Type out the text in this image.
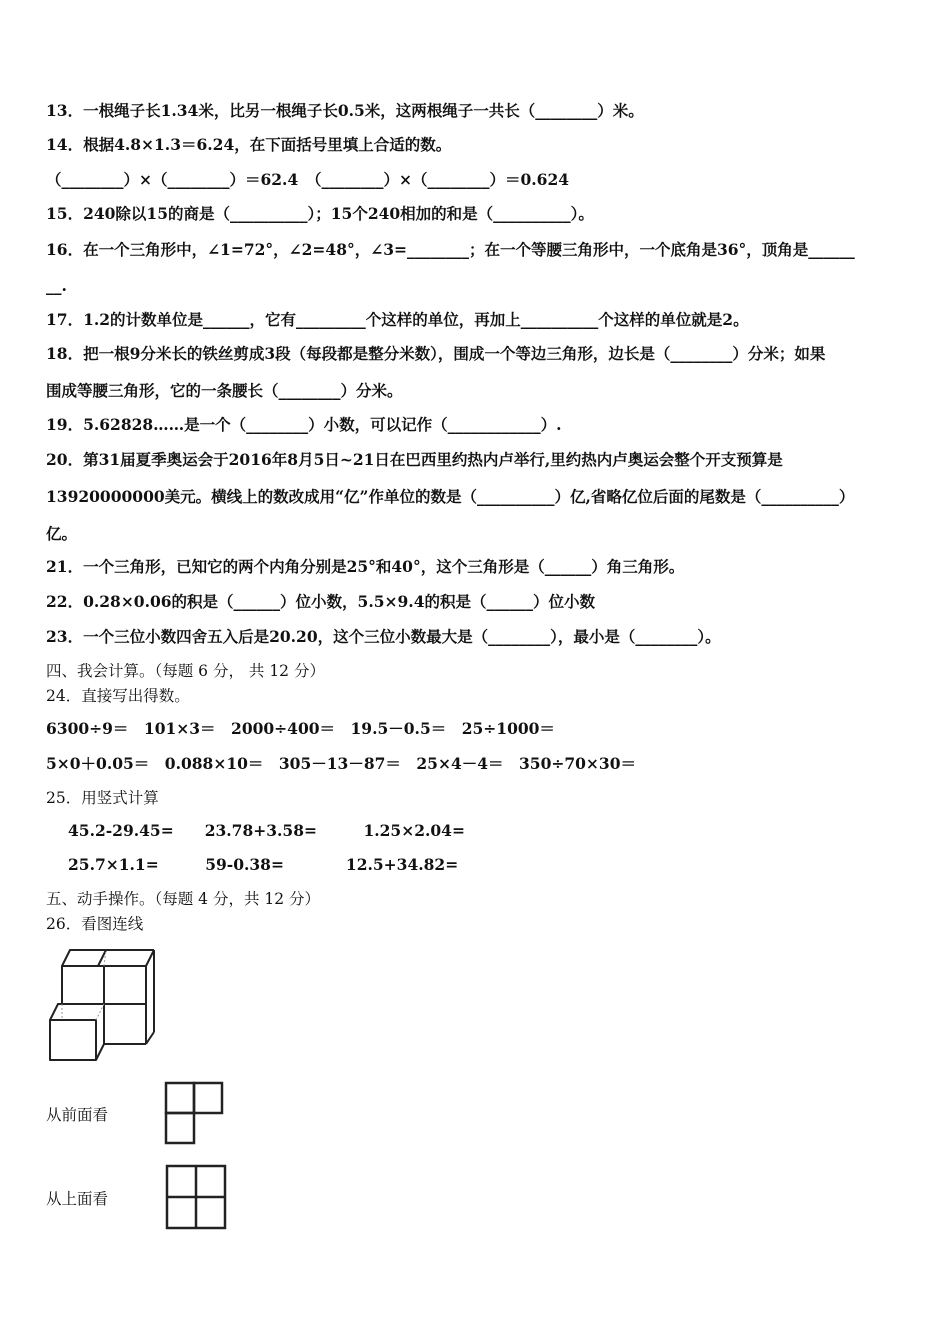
13．一根绳子长1.34米，比另一根绳子长0.5米，这两根绳子一共长（________）米。
14．根据4.8×1.3＝6.24，在下面括号里填上合适的数。
（________）×（________）＝62.4　（________）×（________）＝0.624
15．240除以15的商是（__________）；15个240相加的和是（__________）。
16．在一个三角形中，∠1=72°，∠2=48°，∠3=________；在一个等腰三角形中，一个底角是36°，顶角是______
__.
17．1.2的计数单位是______，它有_________个这样的单位，再加上__________个这样的单位就是2。
18．把一根9分米长的铁丝剪成3段（每段都是整分米数），围成一个等边三角形，边长是（________）分米；如果
围成等腰三角形，它的一条腰长（________）分米。
19．5.62828……是一个（________）小数，可以记作（____________）.
20．第31届夏季奥运会于2016年8月5日~21日在巴西里约热内卢举行,里约热内卢奥运会整个开支预算是
13920000000美元。横线上的数改成用“亿”作单位的数是（__________）亿,省略亿位后面的尾数是（__________）
亿。
21．一个三角形，已知它的两个内角分别是25°和40°，这个三角形是（______）角三角形。
22．0.28×0.06的积是（______）位小数，5.5×9.4的积是（______）位小数
23．一个三位小数四舍五入后是20.20，这个三位小数最大是（________），最小是（________）。
四、我会计算。（每题 6 分， 共 12 分）
24．直接写出得数。
6300÷9＝　101×3＝　2000÷400＝　19.5－0.5＝　25÷1000＝
5×0＋0.05＝　0.088×10＝　305－13－87＝　25×4－4＝　350÷70×30＝
25．用竖式计算
45.2-29.45=　　23.78+3.58=　　　1.25×2.04=
25.7×1.1=　　　59-0.38=　　　　12.5+34.82=
五、动手操作。（每题 4 分，共 12 分）
26．看图连线
从前面看
从上面看
